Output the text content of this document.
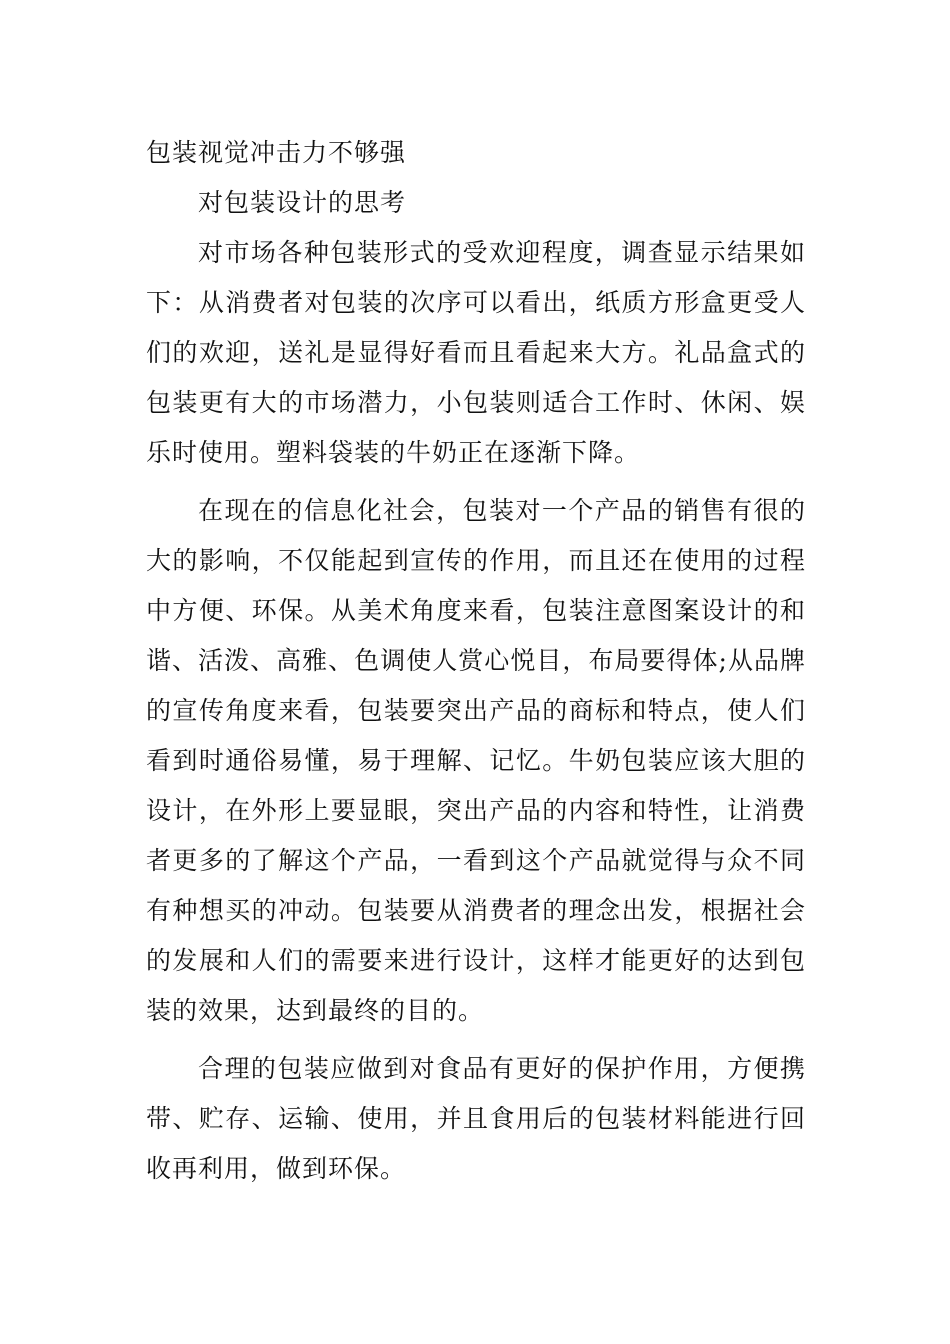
包装视觉冲击力不够强

对包装设计的思考

对市场各种包装形式的受欢迎程度，调查显示结果如下：从消费者对包装的次序可以看出，纸质方形盒更受人们的欢迎，送礼是显得好看而且看起来大方。礼品盒式的包装更有大的市场潜力，小包装则适合工作时、休闲、娱乐时使用。塑料袋装的牛奶正在逐渐下降。

在现在的信息化社会，包装对一个产品的销售有很的大的影响，不仅能起到宣传的作用，而且还在使用的过程中方便、环保。从美术角度来看，包装注意图案设计的和谐、活泼、高雅、色调使人赏心悦目，布局要得体;从品牌的宣传角度来看，包装要突出产品的商标和特点，使人们看到时通俗易懂，易于理解、记忆。牛奶包装应该大胆的设计，在外形上要显眼，突出产品的内容和特性，让消费者更多的了解这个产品，一看到这个产品就觉得与众不同有种想买的冲动。包装要从消费者的理念出发，根据社会的发展和人们的需要来进行设计，这样才能更好的达到包装的效果，达到最终的目的。

合理的包装应做到对食品有更好的保护作用，方便携带、贮存、运输、使用，并且食用后的包装材料能进行回收再利用，做到环保。
